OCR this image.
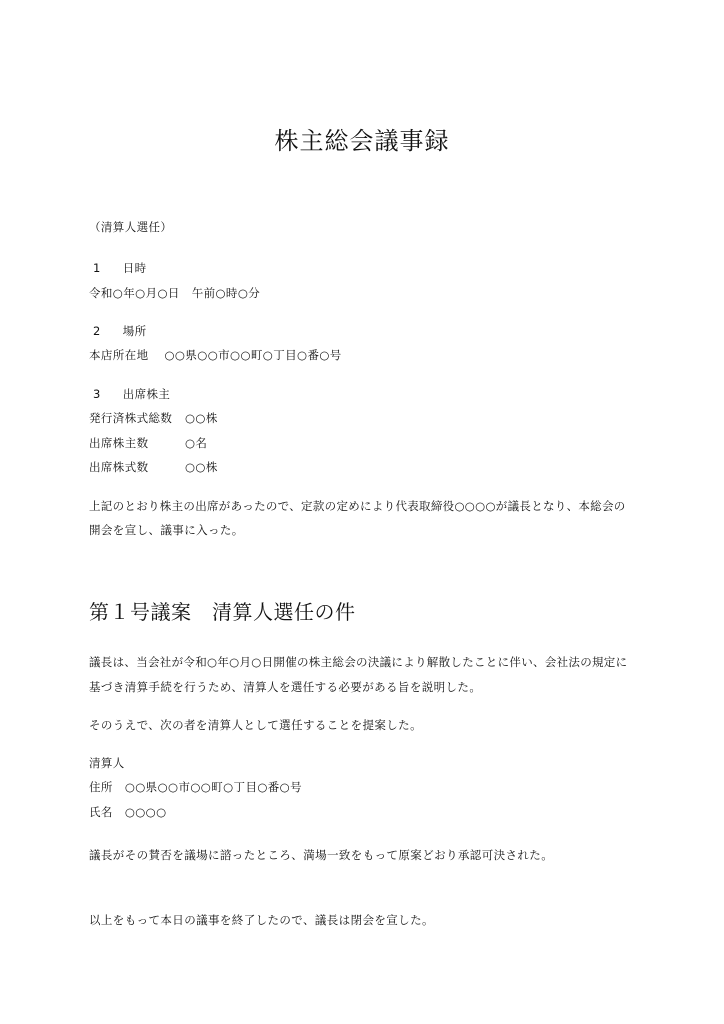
株主総会議事録
（清算人選任）
1 日時
令和○年○月○日　午前○時○分
2 場所
本店所在地 ○○県○○市○○町○丁目○番○号
3 出席株主
発行済株式総数 ○○株
出席株主数	○名
出席株式数	○○株
上記のとおり株主の出席があったので、定款の定めにより代表取締役○○○○が議長となり、本総会の
開会を宣し、議事に入った。
第１号議案　清算人選任の件
議長は、当会社が令和○年○月○日開催の株主総会の決議により解散したことに伴い、会社法の規定に
基づき清算手続を行うため、清算人を選任する必要がある旨を説明した。
そのうえで、次の者を清算人として選任することを提案した。
清算人
住所 ○○県○○市○○町○丁目○番○号
氏名 ○○○○
議長がその賛否を議場に諮ったところ、満場一致をもって原案どおり承認可決された。
以上をもって本日の議事を終了したので、議長は閉会を宣した。
